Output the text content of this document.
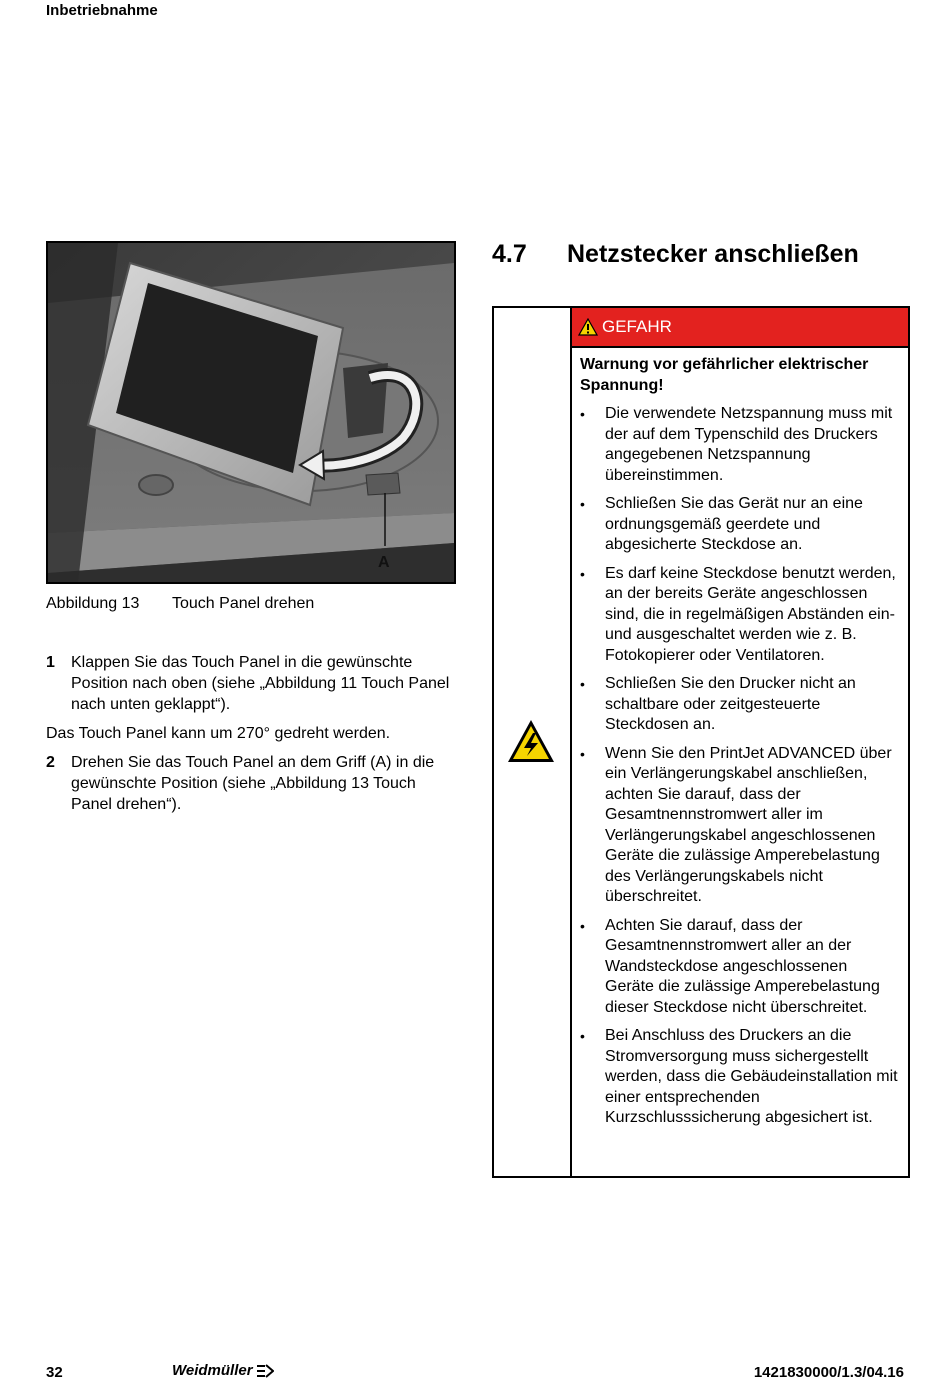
Inbetriebnahme
A
Abbildung 13 Touch Panel drehen
1	Klappen Sie das Touch Panel in die gewünschte Position nach oben (siehe „Abbildung 11 Touch Panel nach unten geklappt“).

Das Touch Panel kann um 270° gedreht werden.

2	Drehen Sie das Touch Panel an dem Griff (A) in die gewünschte Position (siehe „Abbildung 13 Touch Panel drehen“).
4.7 Netzstecker anschließen
GEFAHR
Warnung vor gefährlicher elektrischer Spannung!
•	Die verwendete Netzspannung muss mit der auf dem Typenschild des Druckers angegebenen Netzspannung übereinstimmen.
•	Schließen Sie das Gerät nur an eine ordnungsgemäß geerdete und abgesicherte Steckdose an.
•	Es darf keine Steckdose benutzt werden, an der bereits Geräte angeschlossen sind, die in regelmäßigen Abständen ein- und ausgeschaltet werden wie z. B. Fotokopierer oder Ventilatoren.
•	Schließen Sie den Drucker nicht an schaltbare oder zeitgesteuerte Steckdosen an.
•	Wenn Sie den PrintJet ADVANCED über ein Verlängerungskabel anschließen, achten Sie darauf, dass der Gesamtnennstromwert aller im Verlängerungskabel angeschlossenen Geräte die zulässige Amperebelastung des Verlängerungskabels nicht überschreitet.
•	Achten Sie darauf, dass der Gesamtnennstromwert aller an der Wandsteckdose angeschlossenen Geräte die zulässige Amperebelastung dieser Steckdose nicht überschreitet.
•	Bei Anschluss des Druckers an die Stromversorgung muss sichergestellt werden, dass die Gebäudeinstallation mit einer entsprechenden Kurzschlusssicherung abgesichert ist.
32	Weidmüller	1421830000/1.3/04.16
